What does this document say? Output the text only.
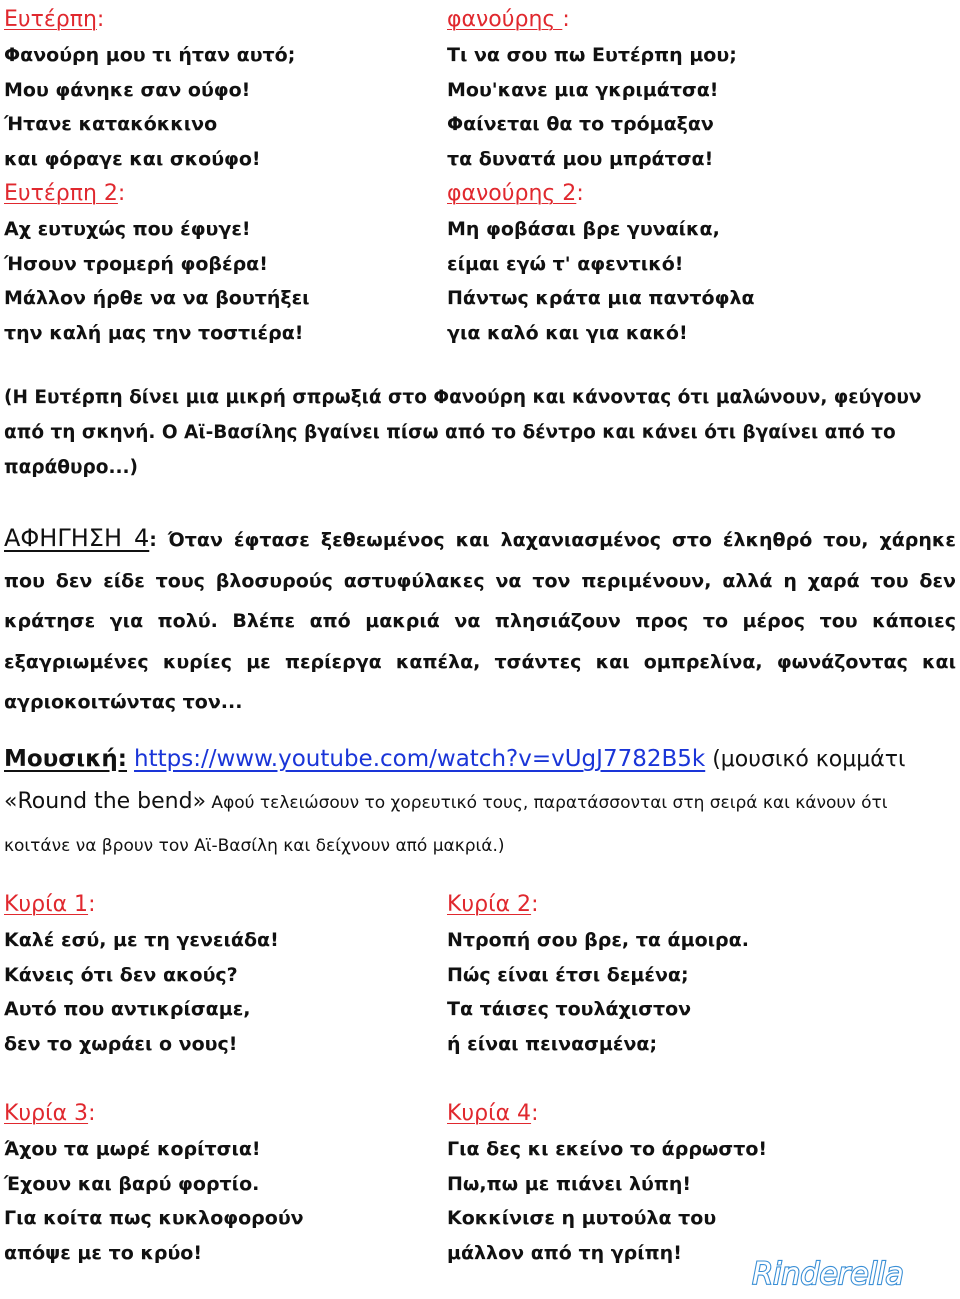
Ευτέρπη:
Φανούρη μου τι ήταν αυτό;
Μου φάνηκε σαν ούφο!
Ήτανε κατακόκκινο
και φόραγε και σκούφο!
Ευτέρπη 2:
Αχ ευτυχώς που έφυγε!
Ήσουν τρομερή φοβέρα!
Μάλλον ήρθε να να βουτήξει
την καλή μας την τοστιέρα!
φανούρης :
Τι να σου πω Ευτέρπη μου;
Μου'κανε μια γκριμάτσα!
Φαίνεται θα το τρόμαξαν
τα δυνατά μου μπράτσα!
φανούρης 2:
Μη φοβάσαι βρε γυναίκα,
είμαι εγώ τ' αφεντικό!
Πάντως κράτα μια παντόφλα
για καλό και για κακό!
(Η Ευτέρπη δίνει μια μικρή σπρωξιά στο Φανούρη και κάνοντας ότι μαλώνουν, φεύγουν από τη σκηνή. Ο Αϊ-Βασίλης βγαίνει πίσω από το δέντρο και κάνει ότι βγαίνει από το παράθυρο...)
ΑΦΗΓΗΣΗ 4: Όταν έφτασε ξεθεωμένος και λαχανιασμένος στο έλκηθρό του, χάρηκε που δεν είδε τους βλοσυρούς αστυφύλακες να τον περιμένουν, αλλά η χαρά του δεν κράτησε για πολύ. Βλέπε από μακριά να πλησιάζουν προς το μέρος του κάποιες εξαγριωμένες κυρίες με περίεργα καπέλα, τσάντες και ομπρελίνα, φωνάζοντας και αγριοκοιτώντας τον...
Μουσική: https://www.youtube.com/watch?v=vUgJ7782B5k (μουσικό κομμάτι «Round the bend» Αφού τελειώσουν το χορευτικό τους, παρατάσσονται στη σειρά και κάνουν ότι κοιτάνε να βρουν τον Αϊ-Βασίλη και δείχνουν από μακριά.)
Κυρία 1:
Καλέ εσύ, με τη γενειάδα!
Κάνεις ότι δεν ακούς?
Αυτό που αντικρίσαμε,
δεν το χωράει ο νους!
Κυρία 3:
Άχου τα μωρέ κορίτσια!
Έχουν και βαρύ φορτίο.
Για κοίτα πως κυκλοφορούν
απόψε με το κρύο!
Κυρία 2:
Ντροπή σου βρε, τα άμοιρα.
Πώς είναι έτσι δεμένα;
Τα τάισες τουλάχιστον
ή είναι πεινασμένα;
Κυρία 4:
Για δες κι εκείνο το άρρωστο!
Πω,πω με πιάνει λύπη!
Κοκκίνισε η μυτούλα του
μάλλον από τη γρίπη!
Rinderella
